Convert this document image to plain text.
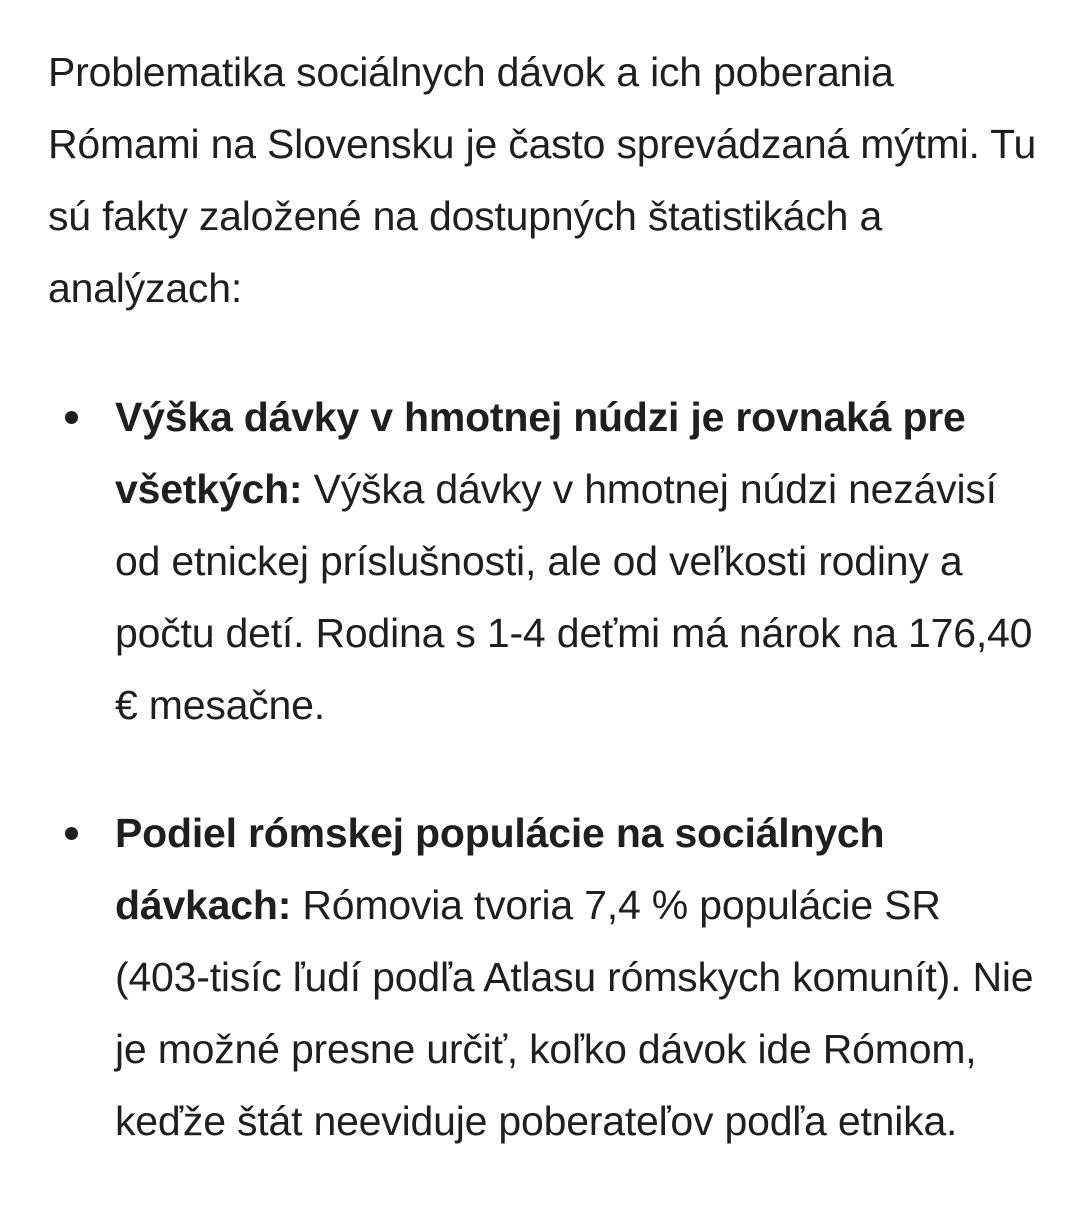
Problematika sociálnych dávok a ich poberania Rómami na Slovensku je často sprevádzaná mýtmi. Tu sú fakty založené na dostupných štatistikách a analýzach:

Výška dávky v hmotnej núdzi je rovnaká pre všetkých: Výška dávky v hmotnej núdzi nezávisí od etnickej príslušnosti, ale od veľkosti rodiny a počtu detí. Rodina s 1-4 deťmi má nárok na 176,40 € mesačne.
Podiel rómskej populácie na sociálnych dávkach: Rómovia tvoria 7,4 % populácie SR (403-tisíc ľudí podľa Atlasu rómskych komunít). Nie je možné presne určiť, koľko dávok ide Rómom, keďže štát neeviduje poberateľov podľa etnika.
